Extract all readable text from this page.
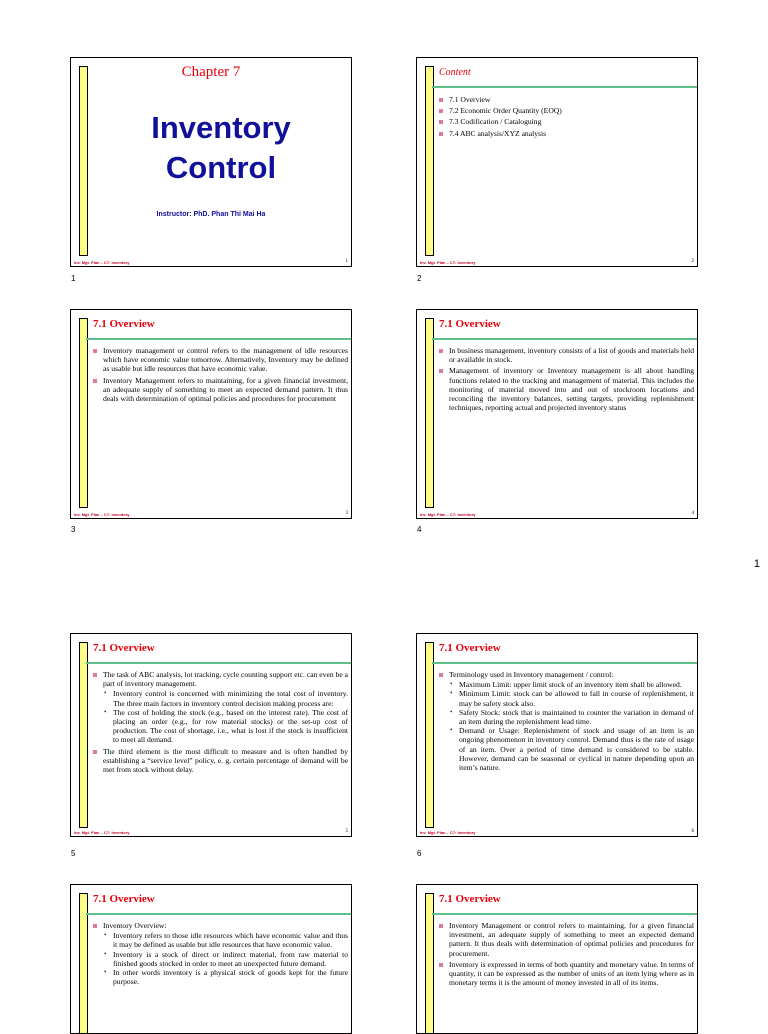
Chapter 7
Inventory
Control
Instructor: PhD. Phan Thi Mai Ha
Inv. Mgt. Plan – C7: Inventory	1
1
Content
7.1 Overview
7.2 Economic Order Quantity (EOQ)
7.3 Codification / Cataloguing
7.4 ABC analysis/XYZ analysis
Inv. Mgt. Plan – C7: Inventory	2
2
7.1 Overview
Inventory management or control refers to the management of idle resources which have economic value tomorrow. Alternatively, Inventory may be defined as usable but idle resources that have economic value.
Inventory Management refers to maintaining, for a given financial investment, an adequate supply of something to meet an expected demand pattern. It thus deals with determination of optimal policies and procedures for procurement
Inv. Mgt. Plan – C7: Inventory	3
3
7.1 Overview
In business management, inventory consists of a list of goods and materials held or available in stock.
Management of inventory or Inventory management is all about handling functions related to the tracking and management of material. This includes the monitoring of material moved into and out of stockroom locations and reconciling the inventory balances, setting targets, providing replenishment techniques, reporting actual and projected inventory status
Inv. Mgt. Plan – C7: Inventory	4
4
1
7.1 Overview
The task of ABC analysis, lot tracking, cycle counting support etc. can even be a part of inventory management.
• Inventory control is concerned with minimizing the total cost of inventory. The three main factors in inventory control decision making process are:
• The cost of holding the stock (e.g., based on the interest rate). The cost of placing an order (e.g., for row material stocks) or the set-up cost of production. The cost of shortage, i.e., what is lost if the stock is insufficient to meet all demand.
The third element is the most difficult to measure and is often handled by establishing a “service level” policy, e. g, certain percentage of demand will be met from stock without delay.
Inv. Mgt. Plan – C7: Inventory	5
5
7.1 Overview
Terminology used in Inventory management / control:
• Maximum Limit: upper limit stock of an inventory item shall be allowed.
• Minimum Limit: stock can be allowed to fall in course of replenishment, it may be safety stock also.
• Safety Stock: stock that is maintained to counter the variation in demand of an item during the replenishment lead time.
• Demand or Usage: Replenishment of stock and usage of an item is an ongoing phenomenon in inventory control. Demand thus is the rate of usage of an item. Over a period of time demand is considered to be stable. However, demand can be seasonal or cyclical in nature depending upon an item’s nature.
Inv. Mgt. Plan – C7: Inventory	6
6
7.1 Overview
Inventory Overview:
• Inventory refers to those idle resources which have economic value and thus it may be defined as usable but idle resources that have economic value.
• Inventory is a stock of direct or indirect material, from raw material to finished goods stocked in order to meet an unexpected future demand.
• In other words inventory is a physical stock of goods kept for the future purpose.
7.1 Overview
Inventory Management or control refers to maintaining, for a given financial investment, an adequate supply of something to meet an expected demand pattern. It thus deals with determination of optimal policies and procedures for procurement.
Inventory is expressed in terms of both quantity and monetary value. In terms of quantity, it can be expressed as the number of units of an item lying where as in monetary terms it is the amount of money invested in all of its items.
